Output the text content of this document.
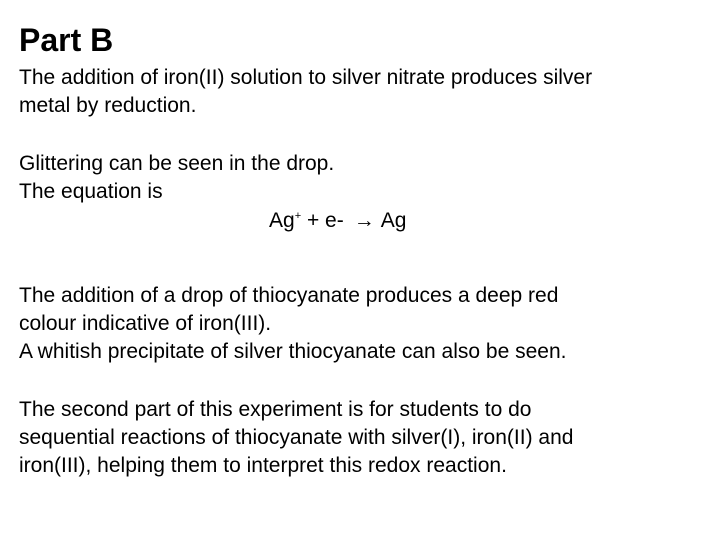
Part B
The addition of iron(II) solution to silver nitrate produces silver
metal by reduction.
Glittering can be seen in the drop.
The equation is
Ag+ + e- → Ag
The addition of a drop of thiocyanate produces a deep red
colour indicative of iron(III).
A whitish precipitate of silver thiocyanate can also be seen.
The second part of this experiment is for students to do
sequential reactions of thiocyanate with silver(I), iron(II) and
iron(III), helping them to interpret this redox reaction.
